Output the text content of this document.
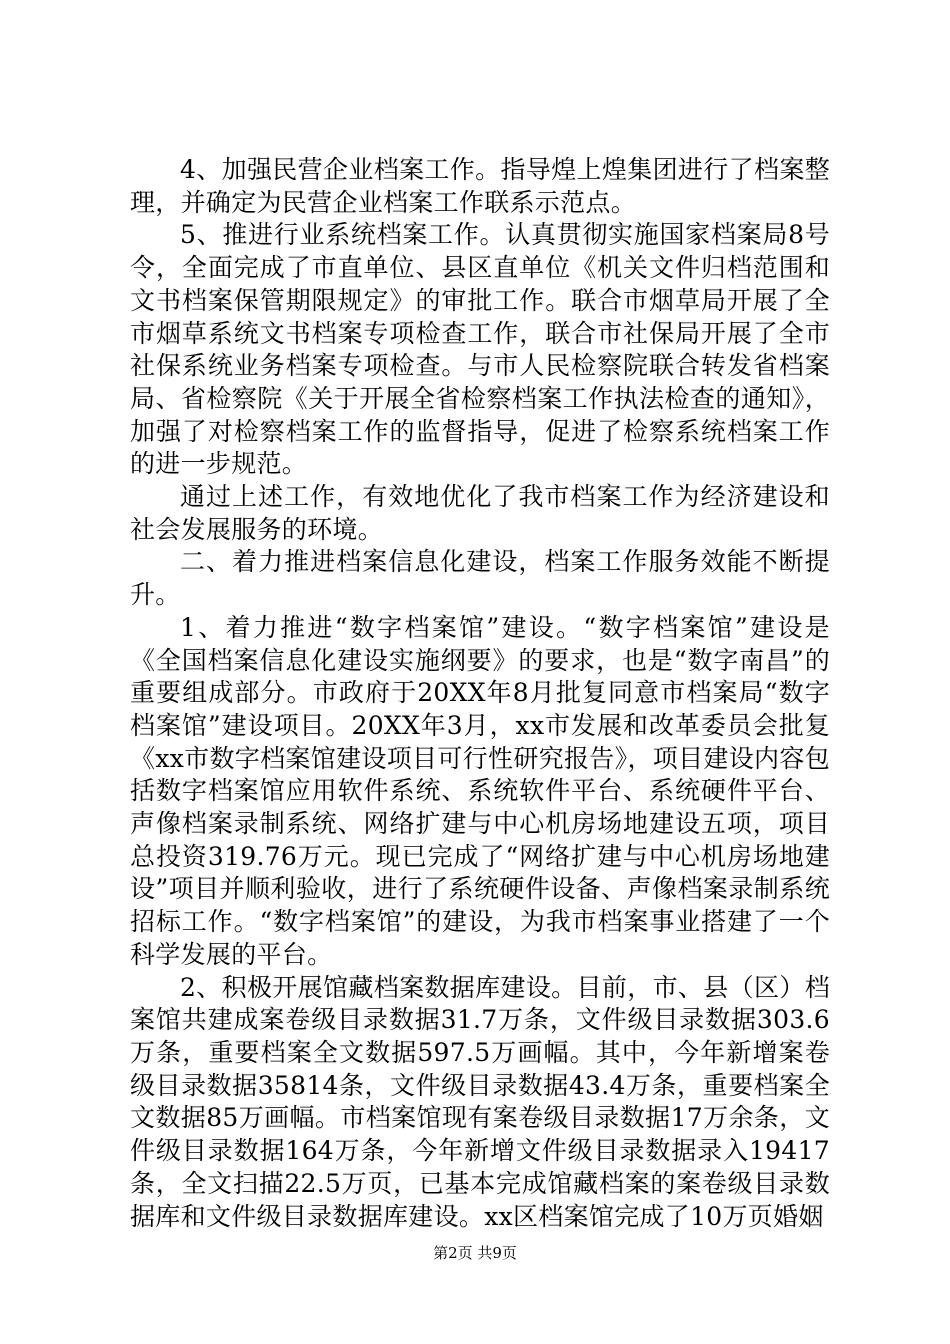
4、加强民营企业档案工作。指导煌上煌集团进行了档案整理，并确定为民营企业档案工作联系示范点。

5、推进行业系统档案工作。认真贯彻实施国家档案局8号令，全面完成了市直单位、县区直单位《机关文件归档范围和文书档案保管期限规定》的审批工作。联合市烟草局开展了全市烟草系统文书档案专项检查工作，联合市社保局开展了全市社保系统业务档案专项检查。与市人民检察院联合转发省档案局、省检察院《关于开展全省检察档案工作执法检查的通知》，加强了对检察档案工作的监督指导，促进了检察系统档案工作的进一步规范。

通过上述工作，有效地优化了我市档案工作为经济建设和社会发展服务的环境。

二、着力推进档案信息化建设，档案工作服务效能不断提升。

1、着力推进“数字档案馆”建设。“数字档案馆”建设是《全国档案信息化建设实施纲要》的要求，也是“数字南昌”的重要组成部分。市政府于20XX年8月批复同意市档案局“数字档案馆”建设项目。20XX年3月，xx市发展和改革委员会批复《xx市数字档案馆建设项目可行性研究报告》，项目建设内容包括数字档案馆应用软件系统、系统软件平台、系统硬件平台、声像档案录制系统、网络扩建与中心机房场地建设五项，项目总投资319.76万元。现已完成了“网络扩建与中心机房场地建设”项目并顺利验收，进行了系统硬件设备、声像档案录制系统招标工作。“数字档案馆”的建设，为我市档案事业搭建了一个科学发展的平台。

2、积极开展馆藏档案数据库建设。目前，市、县（区）档案馆共建成案卷级目录数据31.7万条，文件级目录数据303.6万条，重要档案全文数据597.5万画幅。其中，今年新增案卷级目录数据35814条，文件级目录数据43.4万条，重要档案全文数据85万画幅。市档案馆现有案卷级目录数据17万余条，文件级目录数据164万条，今年新增文件级目录数据录入19417条，全文扫描22.5万页，已基本完成馆藏档案的案卷级目录数据库和文件级目录数据库建设。xx区档案馆完成了10万页婚姻

第2页 共9页
